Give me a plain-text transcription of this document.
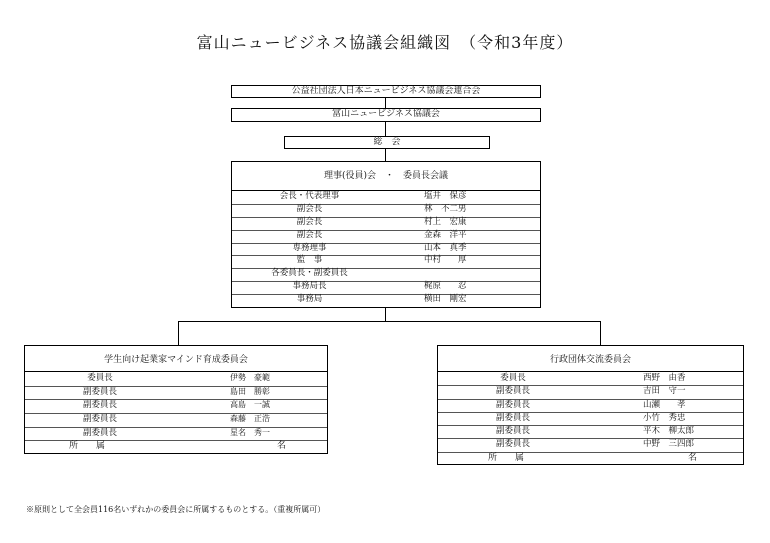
富山ニュービジネス協議会組織図　（令和3年度）
公益社団法人日本ニュービジネス協議会連合会
富山ニュービジネス協議会
総　会
理事(役員)会　・　委員長会議
会長・代表理事	塩井　保彦
副会長	林　不二男
副会長	村上　宏康
副会長	金森　洋平
専務理事	山本　真季
監　事	中村　　厚
各委員長・副委員長
事務局長	梶原　　忍
事務局	横田　剛宏
学生向け起業家マインド育成委員会
委員長	伊勢　豪範
副委員長	島田　勝彰
副委員長	高島　一誠
副委員長	森藤　正浩
副委員長	星名　秀一
所　　属	名
行政団体交流委員会
委員長	西野　由香
副委員長	吉田　守一
副委員長	山瀬　　孝
副委員長	小竹　秀忠
副委員長	平木　柳太郎
副委員長	中野　三四郎
所　　属	名
※原則として全会員116名いずれかの委員会に所属するものとする。（重複所属可）
